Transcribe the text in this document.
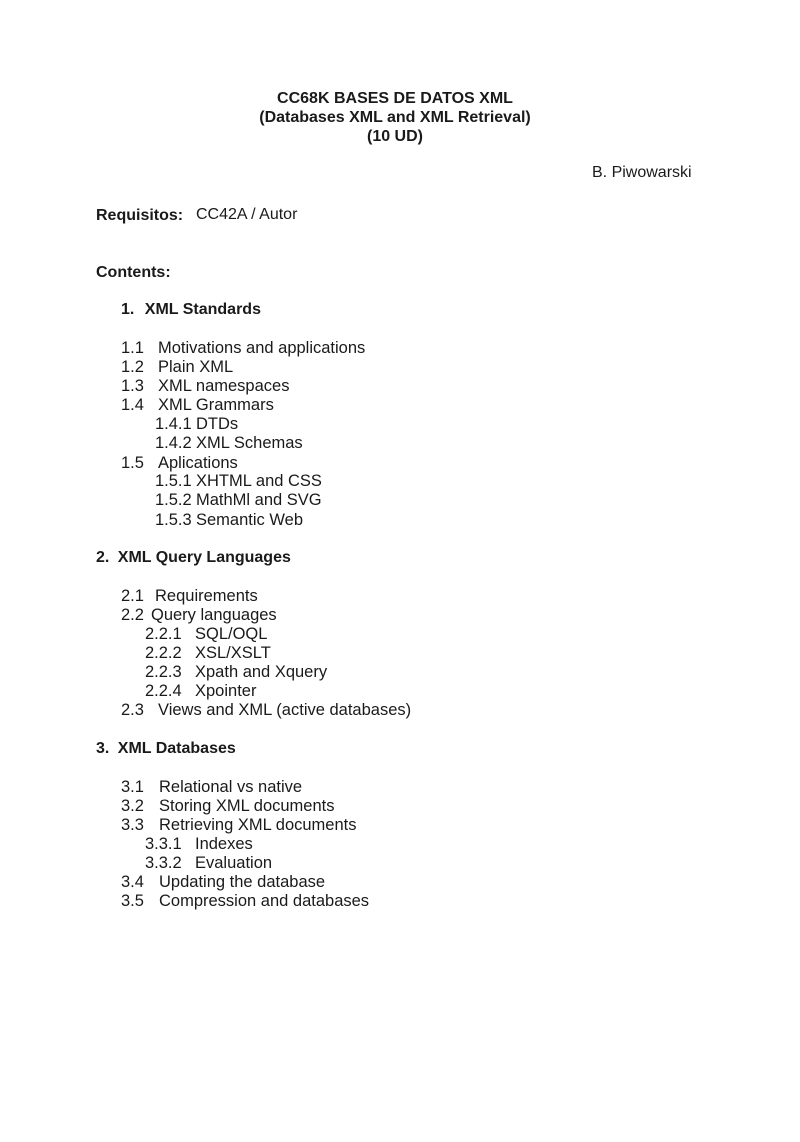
CC68K BASES DE DATOS XML
(Databases XML and XML Retrieval)
(10 UD)
B. Piwowarski
Requisitos: CC42A / Autor
Contents:
1. XML Standards
1.1 Motivations and applications
1.2 Plain XML
1.3 XML namespaces
1.4 XML Grammars
1.4.1 DTDs
1.4.2 XML Schemas
1.5 Aplications
1.5.1 XHTML and CSS
1.5.2 MathMl and SVG
1.5.3 Semantic Web
2. XML Query Languages
2.1 Requirements
2.2 Query languages
2.2.1 SQL/OQL
2.2.2 XSL/XSLT
2.2.3 Xpath and Xquery
2.2.4 Xpointer
2.3 Views and XML (active databases)
3. XML Databases
3.1 Relational vs native
3.2 Storing XML documents
3.3 Retrieving XML documents
3.3.1 Indexes
3.3.2 Evaluation
3.4 Updating the database
3.5 Compression and databases
